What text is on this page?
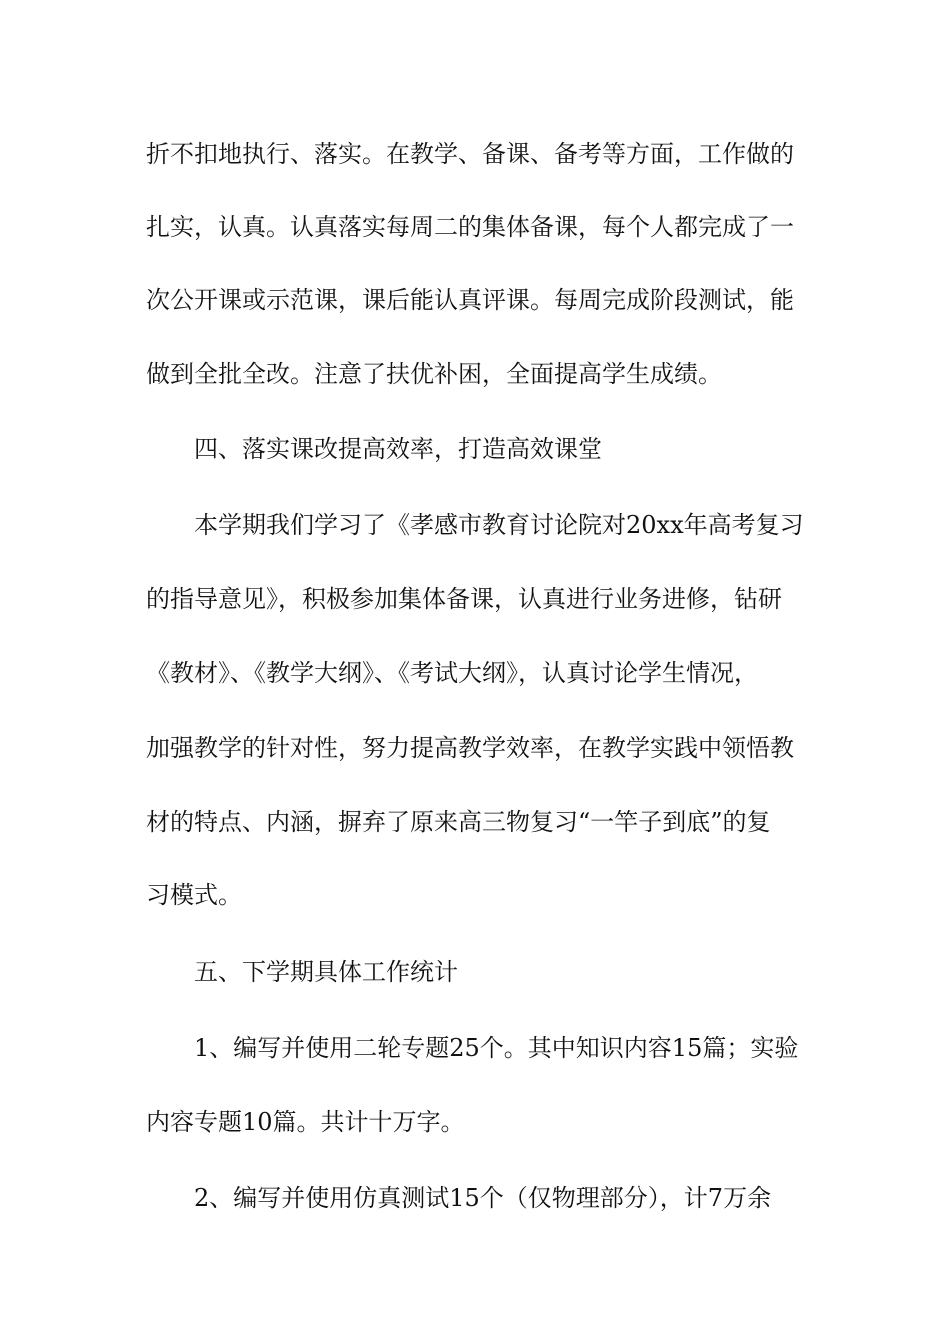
折不扣地执行、落实。在教学、备课、备考等方面，工作做的
扎实，认真。认真落实每周二的集体备课，每个人都完成了一
次公开课或示范课，课后能认真评课。每周完成阶段测试，能
做到全批全改。注意了扶优补困，全面提高学生成绩。
四、落实课改提高效率，打造高效课堂
本学期我们学习了《孝感市教育讨论院对20xx年高考复习
的指导意见》，积极参加集体备课，认真进行业务进修，钻研
《教材》、《教学大纲》、《考试大纲》，认真讨论学生情况，
加强教学的针对性，努力提高教学效率，在教学实践中领悟教
材的特点、内涵，摒弃了原来高三物复习“一竿子到底”的复
习模式。
五、下学期具体工作统计
1、编写并使用二轮专题25个。其中知识内容15篇；实验
内容专题10篇。共计十万字。
2、编写并使用仿真测试15个（仅物理部分），计7万余
